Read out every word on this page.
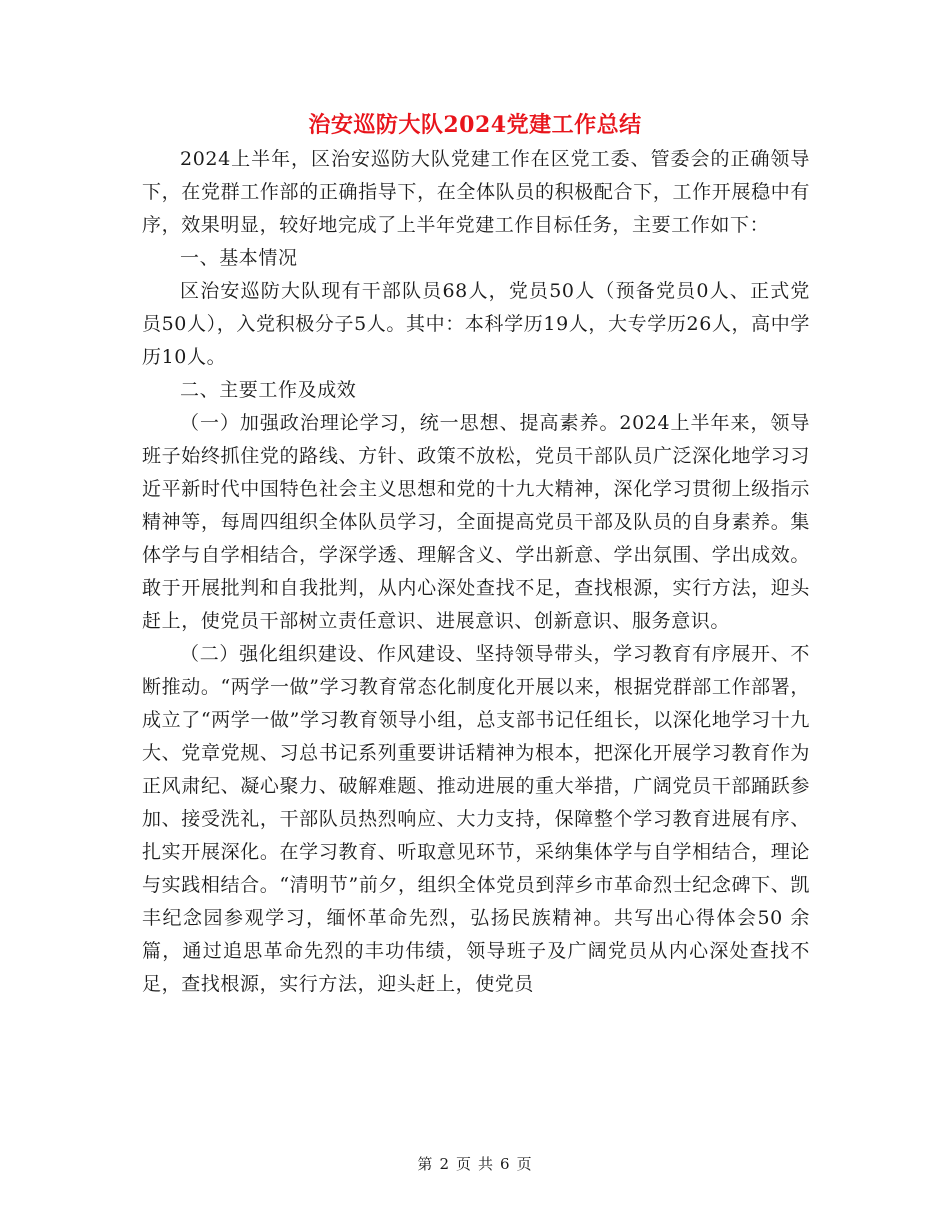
治安巡防大队2024党建工作总结

2024上半年，区治安巡防大队党建工作在区党工委、管委会的正确领导下，在党群工作部的正确指导下，在全体队员的积极配合下，工作开展稳中有序，效果明显，较好地完成了上半年党建工作目标任务，主要工作如下：

一、基本情况

区治安巡防大队现有干部队员68人，党员50人（预备党员0人、正式党员50人），入党积极分子5人。其中：本科学历19人，大专学历26人，高中学历10人。

二、主要工作及成效

（一）加强政治理论学习，统一思想、提高素养。2024上半年来，领导班子始终抓住党的路线、方针、政策不放松，党员干部队员广泛深化地学习习近平新时代中国特色社会主义思想和党的十九大精神，深化学习贯彻上级指示精神等，每周四组织全体队员学习，全面提高党员干部及队员的自身素养。集体学与自学相结合，学深学透、理解含义、学出新意、学出氛围、学出成效。敢于开展批判和自我批判，从内心深处查找不足，查找根源，实行方法，迎头赶上，使党员干部树立责任意识、进展意识、创新意识、服务意识。

（二）强化组织建设、作风建设、坚持领导带头，学习教育有序展开、不断推动。“两学一做”学习教育常态化制度化开展以来，根据党群部工作部署，成立了“两学一做”学习教育领导小组，总支部书记任组长，以深化地学习十九大、党章党规、习总书记系列重要讲话精神为根本，把深化开展学习教育作为正风肃纪、凝心聚力、破解难题、推动进展的重大举措，广阔党员干部踊跃参加、接受洗礼，干部队员热烈响应、大力支持，保障整个学习教育进展有序、扎实开展深化。在学习教育、听取意见环节，采纳集体学与自学相结合，理论与实践相结合。“清明节”前夕，组织全体党员到萍乡市革命烈士纪念碑下、凯丰纪念园参观学习，缅怀革命先烈，弘扬民族精神。共写出心得体会50 余篇，通过追思革命先烈的丰功伟绩，领导班子及广阔党员从内心深处查找不足，查找根源，实行方法，迎头赶上，使党员

第 2 页 共 6 页
